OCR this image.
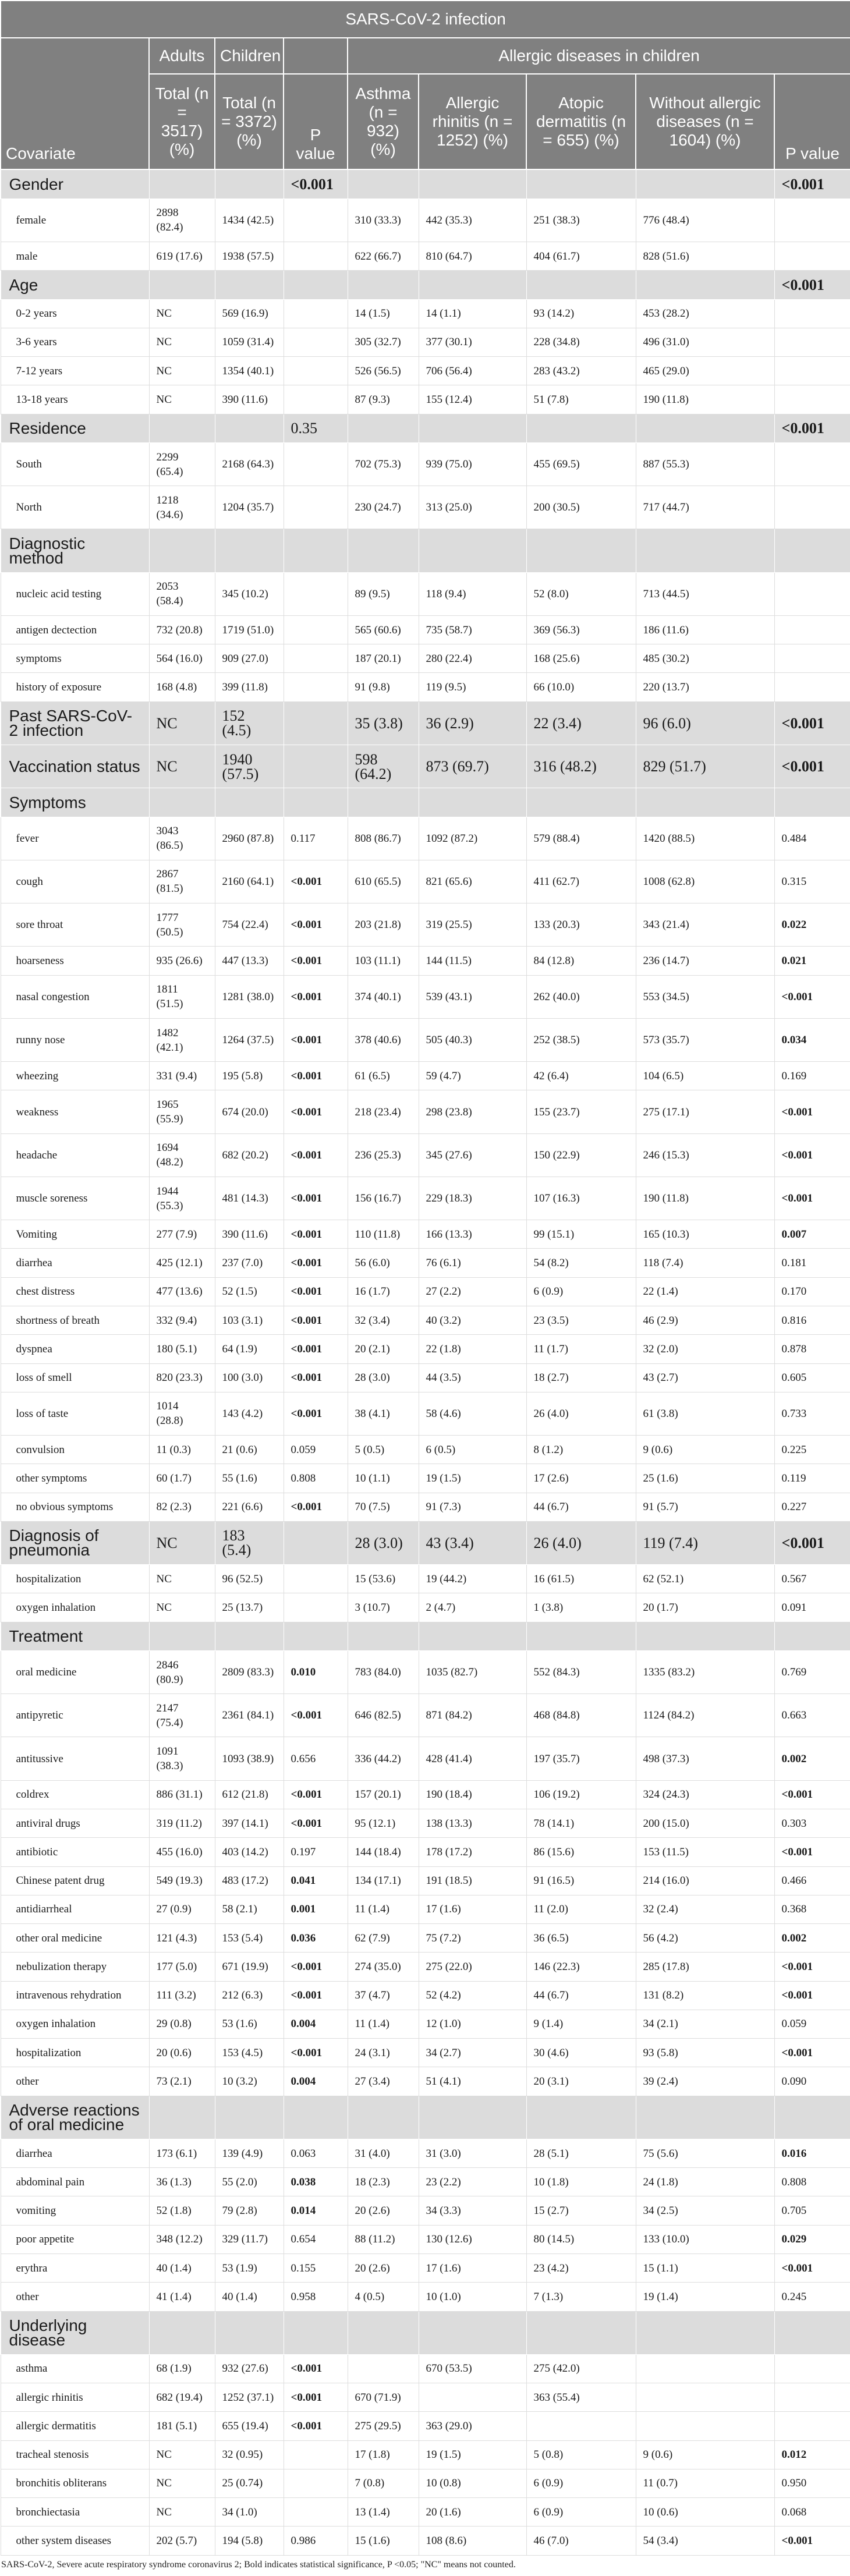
SARS-CoV-2 infection								
Covariate	Adults	Children		Allergic diseases in children				
	Total (n = 3517) (%)	Total (n = 3372) (%)	P value	Asthma (n = 932) (%)	Allergic rhinitis (n = 1252) (%)	Atopic dermatitis (n = 655) (%)	Without allergic diseases (n = 1604) (%)	P value
Gender			<0.001					<0.001
female	2898 (82.4)	1434 (42.5)		310 (33.3)	442 (35.3)	251 (38.3)	776 (48.4)	
male	619 (17.6)	1938 (57.5)		622 (66.7)	810 (64.7)	404 (61.7)	828 (51.6)	
Age								<0.001
0-2 years	NC	569 (16.9)		14 (1.5)	14 (1.1)	93 (14.2)	453 (28.2)	
3-6 years	NC	1059 (31.4)		305 (32.7)	377 (30.1)	228 (34.8)	496 (31.0)	
7-12 years	NC	1354 (40.1)		526 (56.5)	706 (56.4)	283 (43.2)	465 (29.0)	
13-18 years	NC	390 (11.6)		87 (9.3)	155 (12.4)	51 (7.8)	190 (11.8)	
Residence			0.35					<0.001
South	2299 (65.4)	2168 (64.3)		702 (75.3)	939 (75.0)	455 (69.5)	887 (55.3)	
North	1218 (34.6)	1204 (35.7)		230 (24.7)	313 (25.0)	200 (30.5)	717 (44.7)	
Diagnostic method								
nucleic acid testing	2053 (58.4)	345 (10.2)		89 (9.5)	118 (9.4)	52 (8.0)	713 (44.5)	
antigen dectection	732 (20.8)	1719 (51.0)		565 (60.6)	735 (58.7)	369 (56.3)	186 (11.6)	
symptoms	564 (16.0)	909 (27.0)		187 (20.1)	280 (22.4)	168 (25.6)	485 (30.2)	
history of exposure	168 (4.8)	399 (11.8)		91 (9.8)	119 (9.5)	66 (10.0)	220 (13.7)	
Past SARS-CoV-2 infection	NC	152 (4.5)		35 (3.8)	36 (2.9)	22 (3.4)	96 (6.0)	<0.001
Vaccination status	NC	1940 (57.5)		598 (64.2)	873 (69.7)	316 (48.2)	829 (51.7)	<0.001
Symptoms								
fever	3043 (86.5)	2960 (87.8)	0.117	808 (86.7)	1092 (87.2)	579 (88.4)	1420 (88.5)	0.484
cough	2867 (81.5)	2160 (64.1)	<0.001	610 (65.5)	821 (65.6)	411 (62.7)	1008 (62.8)	0.315
sore throat	1777 (50.5)	754 (22.4)	<0.001	203 (21.8)	319 (25.5)	133 (20.3)	343 (21.4)	0.022
hoarseness	935 (26.6)	447 (13.3)	<0.001	103 (11.1)	144 (11.5)	84 (12.8)	236 (14.7)	0.021
nasal congestion	1811 (51.5)	1281 (38.0)	<0.001	374 (40.1)	539 (43.1)	262 (40.0)	553 (34.5)	<0.001
runny nose	1482 (42.1)	1264 (37.5)	<0.001	378 (40.6)	505 (40.3)	252 (38.5)	573 (35.7)	0.034
wheezing	331 (9.4)	195 (5.8)	<0.001	61 (6.5)	59 (4.7)	42 (6.4)	104 (6.5)	0.169
weakness	1965 (55.9)	674 (20.0)	<0.001	218 (23.4)	298 (23.8)	155 (23.7)	275 (17.1)	<0.001
headache	1694 (48.2)	682 (20.2)	<0.001	236 (25.3)	345 (27.6)	150 (22.9)	246 (15.3)	<0.001
muscle soreness	1944 (55.3)	481 (14.3)	<0.001	156 (16.7)	229 (18.3)	107 (16.3)	190 (11.8)	<0.001
Vomiting	277 (7.9)	390 (11.6)	<0.001	110 (11.8)	166 (13.3)	99 (15.1)	165 (10.3)	0.007
diarrhea	425 (12.1)	237 (7.0)	<0.001	56 (6.0)	76 (6.1)	54 (8.2)	118 (7.4)	0.181
chest distress	477 (13.6)	52 (1.5)	<0.001	16 (1.7)	27 (2.2)	6 (0.9)	22 (1.4)	0.170
shortness of breath	332 (9.4)	103 (3.1)	<0.001	32 (3.4)	40 (3.2)	23 (3.5)	46 (2.9)	0.816
dyspnea	180 (5.1)	64 (1.9)	<0.001	20 (2.1)	22 (1.8)	11 (1.7)	32 (2.0)	0.878
loss of smell	820 (23.3)	100 (3.0)	<0.001	28 (3.0)	44 (3.5)	18 (2.7)	43 (2.7)	0.605
loss of taste	1014 (28.8)	143 (4.2)	<0.001	38 (4.1)	58 (4.6)	26 (4.0)	61 (3.8)	0.733
convulsion	11 (0.3)	21 (0.6)	0.059	5 (0.5)	6 (0.5)	8 (1.2)	9 (0.6)	0.225
other symptoms	60 (1.7)	55 (1.6)	0.808	10 (1.1)	19 (1.5)	17 (2.6)	25 (1.6)	0.119
no obvious symptoms	82 (2.3)	221 (6.6)	<0.001	70 (7.5)	91 (7.3)	44 (6.7)	91 (5.7)	0.227
Diagnosis of pneumonia	NC	183 (5.4)		28 (3.0)	43 (3.4)	26 (4.0)	119 (7.4)	<0.001
hospitalization	NC	96 (52.5)		15 (53.6)	19 (44.2)	16 (61.5)	62 (52.1)	0.567
oxygen inhalation	NC	25 (13.7)		3 (10.7)	2 (4.7)	1 (3.8)	20 (1.7)	0.091
Treatment								
oral medicine	2846 (80.9)	2809 (83.3)	0.010	783 (84.0)	1035 (82.7)	552 (84.3)	1335 (83.2)	0.769
antipyretic	2147 (75.4)	2361 (84.1)	<0.001	646 (82.5)	871 (84.2)	468 (84.8)	1124 (84.2)	0.663
antitussive	1091 (38.3)	1093 (38.9)	0.656	336 (44.2)	428 (41.4)	197 (35.7)	498 (37.3)	0.002
coldrex	886 (31.1)	612 (21.8)	<0.001	157 (20.1)	190 (18.4)	106 (19.2)	324 (24.3)	<0.001
antiviral drugs	319 (11.2)	397 (14.1)	<0.001	95 (12.1)	138 (13.3)	78 (14.1)	200 (15.0)	0.303
antibiotic	455 (16.0)	403 (14.2)	0.197	144 (18.4)	178 (17.2)	86 (15.6)	153 (11.5)	<0.001
Chinese patent drug	549 (19.3)	483 (17.2)	0.041	134 (17.1)	191 (18.5)	91 (16.5)	214 (16.0)	0.466
antidiarrheal	27 (0.9)	58 (2.1)	0.001	11 (1.4)	17 (1.6)	11 (2.0)	32 (2.4)	0.368
other oral medicine	121 (4.3)	153 (5.4)	0.036	62 (7.9)	75 (7.2)	36 (6.5)	56 (4.2)	0.002
nebulization therapy	177 (5.0)	671 (19.9)	<0.001	274 (35.0)	275 (22.0)	146 (22.3)	285 (17.8)	<0.001
intravenous rehydration	111 (3.2)	212 (6.3)	<0.001	37 (4.7)	52 (4.2)	44 (6.7)	131 (8.2)	<0.001
oxygen inhalation	29 (0.8)	53 (1.6)	0.004	11 (1.4)	12 (1.0)	9 (1.4)	34 (2.1)	0.059
hospitalization	20 (0.6)	153 (4.5)	<0.001	24 (3.1)	34 (2.7)	30 (4.6)	93 (5.8)	<0.001
other	73 (2.1)	10 (3.2)	0.004	27 (3.4)	51 (4.1)	20 (3.1)	39 (2.4)	0.090
Adverse reactions of oral medicine								
diarrhea	173 (6.1)	139 (4.9)	0.063	31 (4.0)	31 (3.0)	28 (5.1)	75 (5.6)	0.016
abdominal pain	36 (1.3)	55 (2.0)	0.038	18 (2.3)	23 (2.2)	10 (1.8)	24 (1.8)	0.808
vomiting	52 (1.8)	79 (2.8)	0.014	20 (2.6)	34 (3.3)	15 (2.7)	34 (2.5)	0.705
poor appetite	348 (12.2)	329 (11.7)	0.654	88 (11.2)	130 (12.6)	80 (14.5)	133 (10.0)	0.029
erythra	40 (1.4)	53 (1.9)	0.155	20 (2.6)	17 (1.6)	23 (4.2)	15 (1.1)	<0.001
other	41 (1.4)	40 (1.4)	0.958	4 (0.5)	10 (1.0)	7 (1.3)	19 (1.4)	0.245
Underlying disease								
asthma	68 (1.9)	932 (27.6)	<0.001		670 (53.5)	275 (42.0)		
allergic rhinitis	682 (19.4)	1252 (37.1)	<0.001	670 (71.9)		363 (55.4)		
allergic dermatitis	181 (5.1)	655 (19.4)	<0.001	275 (29.5)	363 (29.0)			
tracheal stenosis	NC	32 (0.95)		17 (1.8)	19 (1.5)	5 (0.8)	9 (0.6)	0.012
bronchitis obliterans	NC	25 (0.74)		7 (0.8)	10 (0.8)	6 (0.9)	11 (0.7)	0.950
bronchiectasia	NC	34 (1.0)		13 (1.4)	20 (1.6)	6 (0.9)	10 (0.6)	0.068
other system diseases	202 (5.7)	194 (5.8)	0.986	15 (1.6)	108 (8.6)	46 (7.0)	54 (3.4)	<0.001
SARS-CoV-2, Severe acute respiratory syndrome coronavirus 2; Bold indicates statistical significance, P <0.05; "NC" means not counted.
